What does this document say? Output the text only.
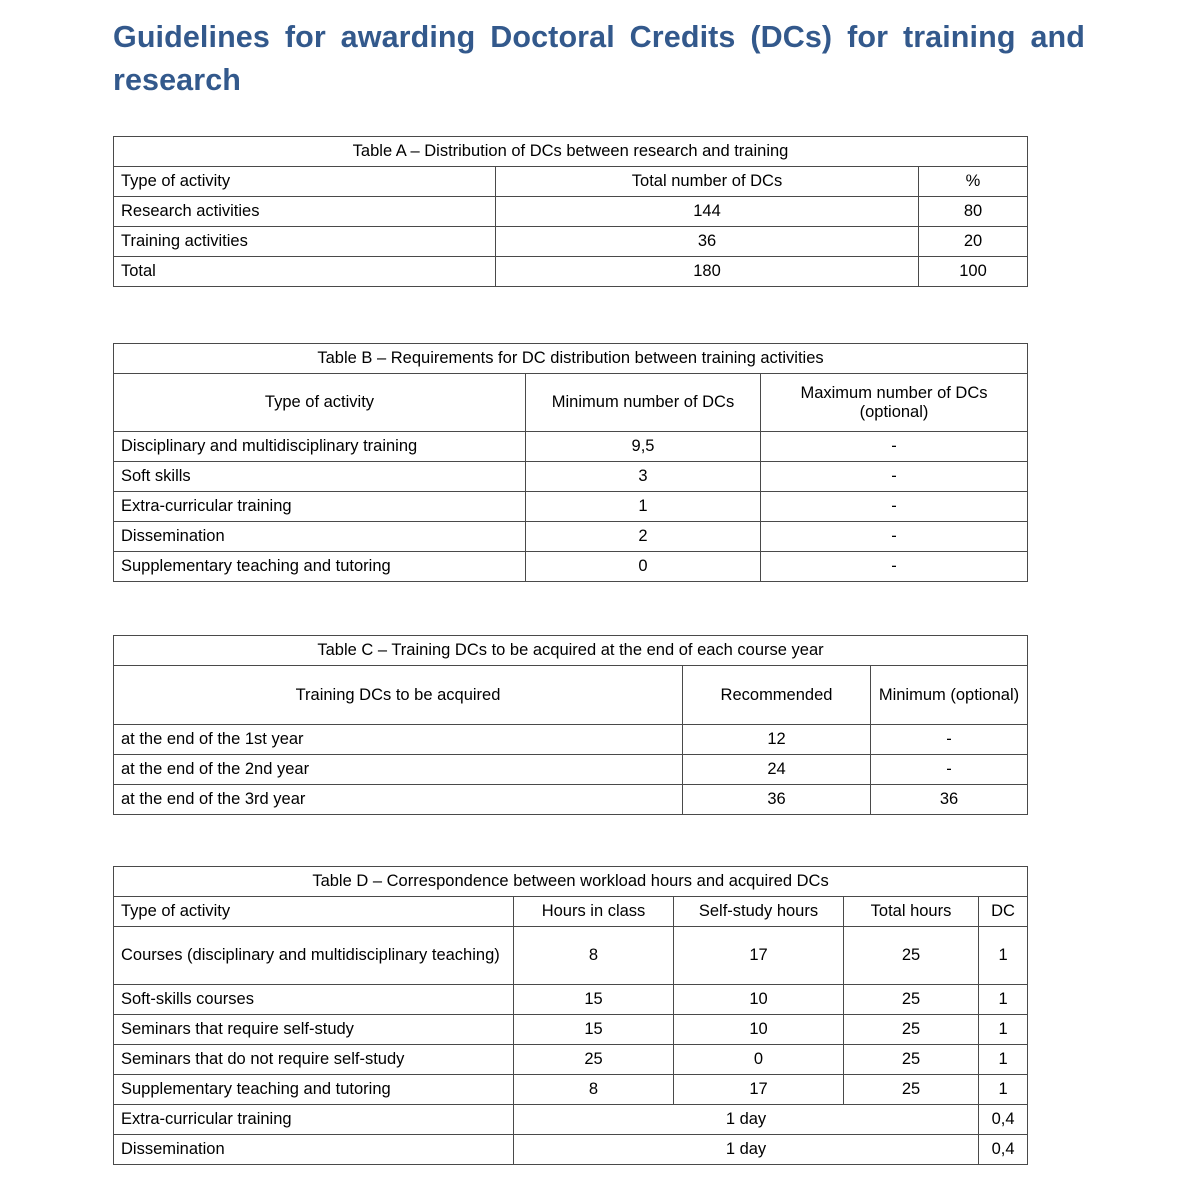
Guidelines for awarding Doctoral Credits (DCs) for training and research
Table A – Distribution of DCs between research and training		
Type of activity	Total number of DCs	%
Research activities	144	80
Training activities	36	20
Total	180	100
Table B – Requirements for DC distribution between training activities		
Type of activity	Minimum number of DCs	Maximum number of DCs (optional)
Disciplinary and multidisciplinary training	9,5	-
Soft skills	3	-
Extra-curricular training	1	-
Dissemination	2	-
Supplementary teaching and tutoring	0	-
Table C – Training DCs to be acquired at the end of each course year		
Training DCs to be acquired	Recommended	Minimum (optional)
at the end of the 1st year	12	-
at the end of the 2nd year	24	-
at the end of the 3rd year	36	36
Table D – Correspondence between workload hours and acquired DCs				
Type of activity	Hours in class	Self-study hours	Total hours	DC
Courses (disciplinary and multidisciplinary teaching)	8	17	25	1
Soft-skills courses	15	10	25	1
Seminars that require self-study	15	10	25	1
Seminars that do not require self-study	25	0	25	1
Supplementary teaching and tutoring	8	17	25	1
Extra-curricular training	1 day			0,4
Dissemination	1 day			0,4
